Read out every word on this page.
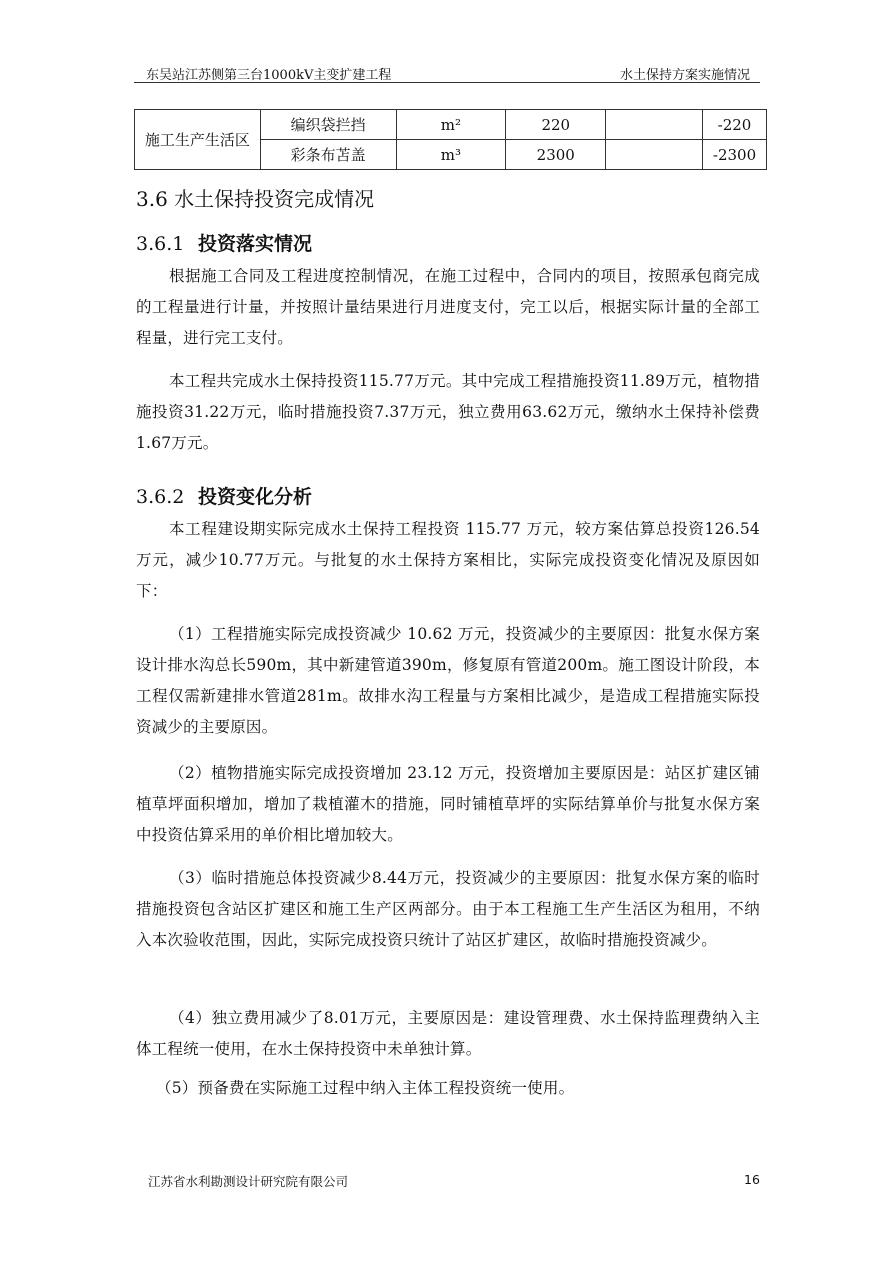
东吴站江苏侧第三台1000kV主变扩建工程	水土保持方案实施情况
施工生产生活区	编织袋拦挡	m²	220		-220
	彩条布苫盖	m³	2300		-2300
3.6 水土保持投资完成情况
3.6.1 投资落实情况
根据施工合同及工程进度控制情况，在施工过程中，合同内的项目，按照承包商完成的工程量进行计量，并按照计量结果进行月进度支付，完工以后，根据实际计量的全部工程量，进行完工支付。
本工程共完成水土保持投资115.77万元。其中完成工程措施投资11.89万元，植物措施投资31.22万元，临时措施投资7.37万元，独立费用63.62万元，缴纳水土保持补偿费1.67万元。
3.6.2 投资变化分析
本工程建设期实际完成水土保持工程投资 115.77 万元，较方案估算总投资126.54万元，减少10.77万元。与批复的水土保持方案相比，实际完成投资变化情况及原因如下：
（1）工程措施实际完成投资减少 10.62 万元，投资减少的主要原因：批复水保方案设计排水沟总长590m，其中新建管道390m，修复原有管道200m。施工图设计阶段，本工程仅需新建排水管道281m。故排水沟工程量与方案相比减少，是造成工程措施实际投资减少的主要原因。
（2）植物措施实际完成投资增加 23.12 万元，投资增加主要原因是：站区扩建区铺植草坪面积增加，增加了栽植灌木的措施，同时铺植草坪的实际结算单价与批复水保方案中投资估算采用的单价相比增加较大。
（3）临时措施总体投资减少8.44万元，投资减少的主要原因：批复水保方案的临时措施投资包含站区扩建区和施工生产区两部分。由于本工程施工生产生活区为租用，不纳入本次验收范围，因此，实际完成投资只统计了站区扩建区，故临时措施投资减少。
（4）独立费用减少了8.01万元，主要原因是：建设管理费、水土保持监理费纳入主体工程统一使用，在水土保持投资中未单独计算。
（5）预备费在实际施工过程中纳入主体工程投资统一使用。
江苏省水利勘测设计研究院有限公司	16
